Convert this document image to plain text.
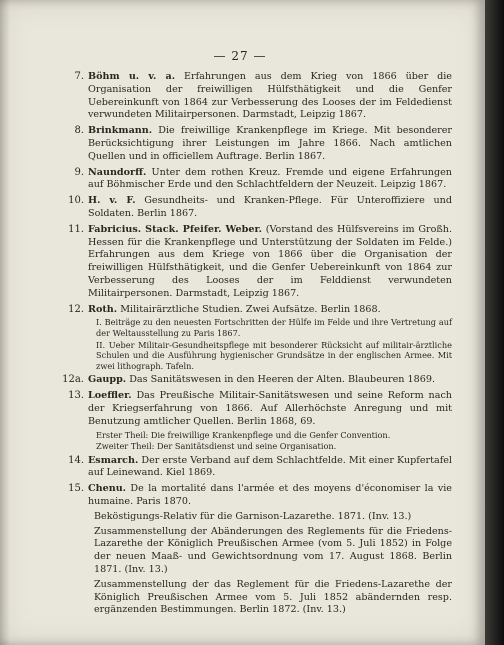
— 27 —
7. Böhm u. v. a. Erfahrungen aus dem Krieg von 1866 über die Organisation der freiwilligen Hülfsthätigkeit und die Genfer Uebereinkunft von 1864 zur Verbesserung des Looses der im Feldedienst verwundeten Militairpersonen. Darmstadt, Leipzig 1867.
8. Brinkmann. Die freiwillige Krankenpflege im Kriege. Mit besonderer Berücksichtigung ihrer Leistungen im Jahre 1866. Nach amtlichen Quellen und in officiellem Auftrage. Berlin 1867.
9. Naundorff. Unter dem rothen Kreuz. Fremde und eigene Erfahrungen auf Böhmischer Erde und den Schlachtfeldern der Neuzeit. Leipzig 1867.
10. H. v. F. Gesundheits- und Kranken-Pflege. Für Unteroffiziere und Soldaten. Berlin 1867.
11. Fabricius. Stack. Pfeifer. Weber. (Vorstand des Hülfsvereins im Großh. Hessen für die Krankenpflege und Unterstützung der Soldaten im Felde.) Erfahrungen aus dem Kriege von 1866 über die Organisation der freiwilligen Hülfsthätigkeit, und die Genfer Uebereinkunft von 1864 zur Verbesserung des Looses der im Felddienst verwundeten Militairpersonen. Darmstadt, Leipzig 1867.
12. Roth. Militairärztliche Studien. Zwei Aufsätze. Berlin 1868.
I. Beiträge zu den neuesten Fortschritten der Hülfe im Felde und ihre Vertretung auf der Weltausstellung zu Paris 1867.
II. Ueber Militair-Gesundheitspflege mit besonderer Rücksicht auf militair-ärztliche Schulen und die Ausführung hygienischer Grundsätze in der englischen Armee. Mit zwei lithograph. Tafeln.
12a. Gaupp. Das Sanitätswesen in den Heeren der Alten. Blaubeuren 1869.
13. Loeffler. Das Preußische Militair-Sanitätswesen und seine Reform nach der Kriegserfahrung von 1866. Auf Allerhöchste Anregung und mit Benutzung amtlicher Quellen. Berlin 1868, 69.
Erster Theil: Die freiwillige Krankenpflege und die Genfer Convention.
Zweiter Theil: Der Sanitätsdienst und seine Organisation.
14. Esmarch. Der erste Verband auf dem Schlachtfelde. Mit einer Kupfertafel auf Leinewand. Kiel 1869.
15. Chenu. De la mortalité dans l'armée et des moyens d'économiser la vie humaine. Paris 1870.
Beköstigungs-Relativ für die Garnison-Lazarethe. 1871. (Inv. 13.)
Zusammenstellung der Abänderungen des Reglements für die Friedens-Lazarethe der Königlich Preußischen Armee (vom 5. Juli 1852) in Folge der neuen Maaß- und Gewichtsordnung vom 17. August 1868. Berlin 1871. (Inv. 13.)
Zusammenstellung der das Reglement für die Friedens-Lazarethe der Königlich Preußischen Armee vom 5. Juli 1852 abändernden resp. ergänzenden Bestimmungen. Berlin 1872. (Inv. 13.)
